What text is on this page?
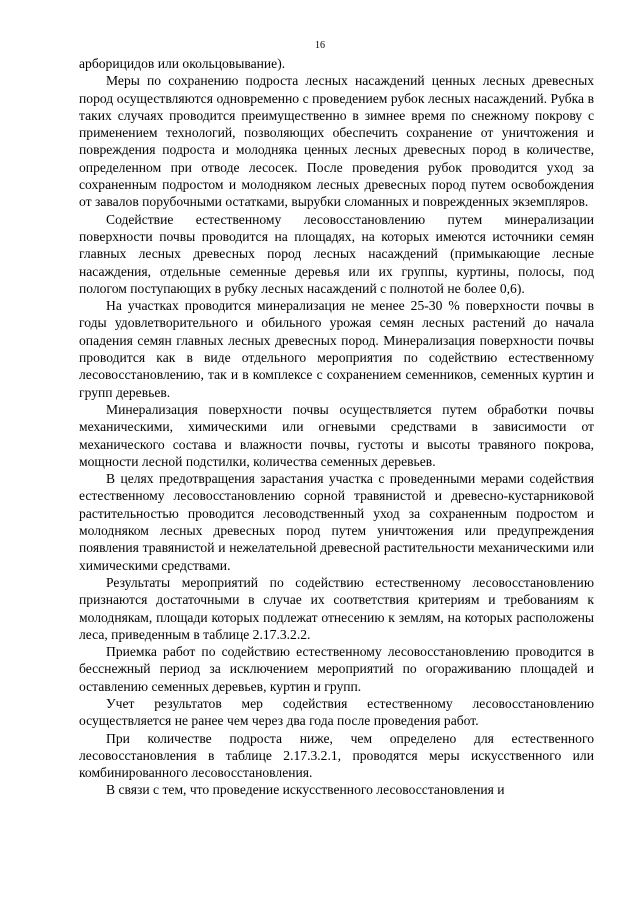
16

арборицидов или окольцовывание).

Меры по сохранению подроста лесных насаждений ценных лесных древесных пород осуществляются одновременно с проведением рубок лесных насаждений. Рубка в таких случаях проводится преимущественно в зимнее время по снежному покрову с применением технологий, позволяющих обеспечить сохранение от уничтожения и повреждения подроста и молодняка ценных лесных древесных пород в количестве, определенном при отводе лесосек. После проведения рубок проводится уход за сохраненным подростом и молодняком лесных древесных пород путем освобождения от завалов порубочными остатками, вырубки сломанных и поврежденных экземпляров.

Содействие естественному лесовосстановлению путем минерализации поверхности почвы проводится на площадях, на которых имеются источники семян главных лесных древесных пород лесных насаждений (примыкающие лесные насаждения, отдельные семенные деревья или их группы, куртины, полосы, под пологом поступающих в рубку лесных насаждений с полнотой не более 0,6).

На участках проводится минерализация не менее 25-30 % поверхности почвы в годы удовлетворительного и обильного урожая семян лесных растений до начала опадения семян главных лесных древесных пород. Минерализация поверхности почвы проводится как в виде отдельного мероприятия по содействию естественному лесовосстановлению, так и в комплексе с сохранением семенников, семенных куртин и групп деревьев.

Минерализация поверхности почвы осуществляется путем обработки почвы механическими, химическими или огневыми средствами в зависимости от механического состава и влажности почвы, густоты и высоты травяного покрова, мощности лесной подстилки, количества семенных деревьев.

В целях предотвращения зарастания участка с проведенными мерами содействия естественному лесовосстановлению сорной травянистой и древесно-кустарниковой растительностью проводится лесоводственный уход за сохраненным подростом и молодняком лесных древесных пород путем уничтожения или предупреждения появления травянистой и нежелательной древесной растительности механическими или химическими средствами.

Результаты мероприятий по содействию естественному лесовосстановлению признаются достаточными в случае их соответствия критериям и требованиям к молоднякам, площади которых подлежат отнесению к землям, на которых расположены леса, приведенным в таблице 2.17.3.2.2.

Приемка работ по содействию естественному лесовосстановлению проводится в бесснежный период за исключением мероприятий по огораживанию площадей и оставлению семенных деревьев, куртин и групп.

Учет результатов мер содействия естественному лесовосстановлению осуществляется не ранее чем через два года после проведения работ.

При количестве подроста ниже, чем определено для естественного лесовосстановления в таблице 2.17.3.2.1, проводятся меры искусственного или комбинированного лесовосстановления.

В связи с тем, что проведение искусственного лесовосстановления и
